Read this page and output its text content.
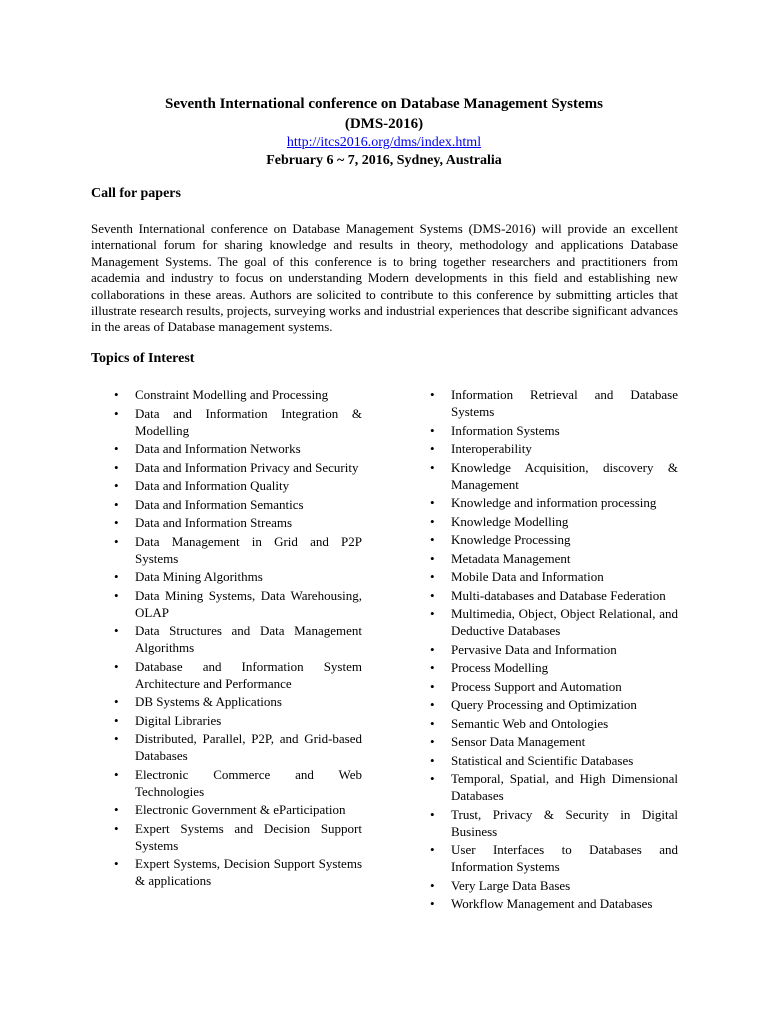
Seventh International conference on Database Management Systems

(DMS-2016)

http://itcs2016.org/dms/index.html

February 6 ~ 7, 2016, Sydney, Australia

Call for papers

Seventh International conference on Database Management Systems (DMS-2016) will provide an excellent international forum for sharing knowledge and results in theory, methodology and applications Database Management Systems. The goal of this conference is to bring together researchers and practitioners from academia and industry to focus on understanding Modern developments in this field and establishing new collaborations in these areas. Authors are solicited to contribute to this conference by submitting articles that illustrate research results, projects, surveying works and industrial experiences that describe significant advances in the areas of Database management systems.

Topics of Interest

• Constraint Modelling and Processing
• Data and Information Integration & Modelling
• Data and Information Networks
• Data and Information Privacy and Security
• Data and Information Quality
• Data and Information Semantics
• Data and Information Streams
• Data Management in Grid and P2P Systems
• Data Mining Algorithms
• Data Mining Systems, Data Warehousing, OLAP
• Data Structures and Data Management Algorithms
• Database and Information System Architecture and Performance
• DB Systems & Applications
• Digital Libraries
• Distributed, Parallel, P2P, and Grid-based Databases
• Electronic Commerce and Web Technologies
• Electronic Government & eParticipation
• Expert Systems and Decision Support Systems
• Expert Systems, Decision Support Systems & applications
• Information Retrieval and Database Systems
• Information Systems
• Interoperability
• Knowledge Acquisition, discovery & Management
• Knowledge and information processing
• Knowledge Modelling
• Knowledge Processing
• Metadata Management
• Mobile Data and Information
• Multi-databases and Database Federation
• Multimedia, Object, Object Relational, and Deductive Databases
• Pervasive Data and Information
• Process Modelling
• Process Support and Automation
• Query Processing and Optimization
• Semantic Web and Ontologies
• Sensor Data Management
• Statistical and Scientific Databases
• Temporal, Spatial, and High Dimensional Databases
• Trust, Privacy & Security in Digital Business
• User Interfaces to Databases and Information Systems
• Very Large Data Bases
• Workflow Management and Databases
